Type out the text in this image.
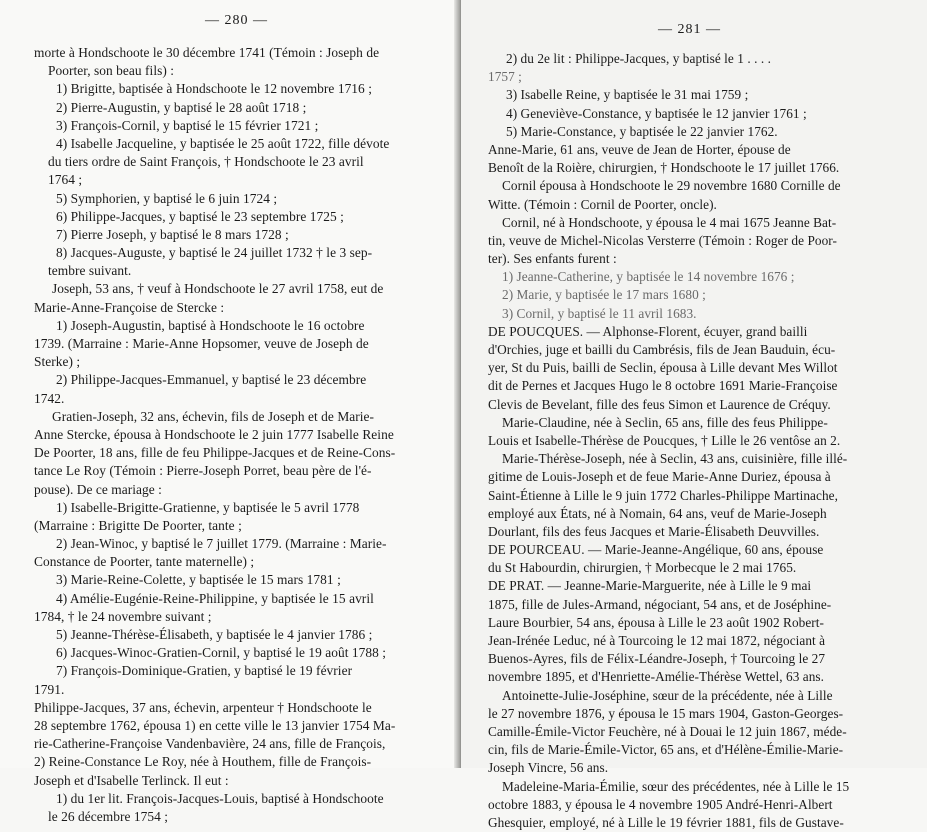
— 280 —
morte à Hondschoote le 30 décembre 1741 (Témoin : Joseph de
Poorter, son beau fils) :
1) Brigitte, baptisée à Hondschoote le 12 novembre 1716 ;
2) Pierre-Augustin, y baptisé le 28 août 1718 ;
3) François-Cornil, y baptisé le 15 février 1721 ;
4) Isabelle Jacqueline, y baptisée le 25 août 1722, fille dévote
du tiers ordre de Saint François, † Hondschoote le 23 avril
1764 ;
5) Symphorien, y baptisé le 6 juin 1724 ;
6) Philippe-Jacques, y baptisé le 23 septembre 1725 ;
7) Pierre Joseph, y baptisé le 8 mars 1728 ;
8) Jacques-Auguste, y baptisé le 24 juillet 1732 † le 3 sep-
tembre suivant.
Joseph, 53 ans, † veuf à Hondschoote le 27 avril 1758, eut de
Marie-Anne-Françoise de Stercke :
1) Joseph-Augustin, baptisé à Hondschoote le 16 octobre
1739. (Marraine : Marie-Anne Hopsomer, veuve de Joseph de
Sterke) ;
2) Philippe-Jacques-Emmanuel, y baptisé le 23 décembre
1742.
Gratien-Joseph, 32 ans, échevin, fils de Joseph et de Marie-
Anne Stercke, épousa à Hondschoote le 2 juin 1777 Isabelle Reine
De Poorter, 18 ans, fille de feu Philippe-Jacques et de Reine-Cons-
tance Le Roy (Témoin : Pierre-Joseph Porret, beau père de l'é-
pouse). De ce mariage :
1) Isabelle-Brigitte-Gratienne, y baptisée le 5 avril 1778
(Marraine : Brigitte De Poorter, tante ;
2) Jean-Winoc, y baptisé le 7 juillet 1779. (Marraine : Marie-
Constance de Poorter, tante maternelle) ;
3) Marie-Reine-Colette, y baptisée le 15 mars 1781 ;
4) Amélie-Eugénie-Reine-Philippine, y baptisée le 15 avril
1784, † le 24 novembre suivant ;
5) Jeanne-Thérèse-Élisabeth, y baptisée le 4 janvier 1786 ;
6) Jacques-Winoc-Gratien-Cornil, y baptisé le 19 août 1788 ;
7) François-Dominique-Gratien, y baptisé le 19 février
1791.
Philippe-Jacques, 37 ans, échevin, arpenteur † Hondschoote le
28 septembre 1762, épousa 1) en cette ville le 13 janvier 1754 Ma-
rie-Catherine-Françoise Vandenbavière, 24 ans, fille de François,
2) Reine-Constance Le Roy, née à Houthem, fille de François-
Joseph et d'Isabelle Terlinck. Il eut :
1) du 1er lit. François-Jacques-Louis, baptisé à Hondschoote
le 26 décembre 1754 ;
— 281 —
2) du 2e lit : Philippe-Jacques, y baptisé le 1 . . . .
1757 ;
3) Isabelle Reine, y baptisée le 31 mai 1759 ;
4) Geneviève-Constance, y baptisée le 12 janvier 1761 ;
5) Marie-Constance, y baptisée le 22 janvier 1762.
Anne-Marie, 61 ans, veuve de Jean de Horter, épouse de
Benoît de la Roière, chirurgien, † Hondschoote le 17 juillet 1766.
Cornil épousa à Hondschoote le 29 novembre 1680 Cornille de
Witte. (Témoin : Cornil de Poorter, oncle).
Cornil, né à Hondschoote, y épousa le 4 mai 1675 Jeanne Bat-
tin, veuve de Michel-Nicolas Versterre (Témoin : Roger de Poor-
ter). Ses enfants furent :
1) Jeanne-Catherine, y baptisée le 14 novembre 1676 ;
2) Marie, y baptisée le 17 mars 1680 ;
3) Cornil, y baptisé le 11 avril 1683.
DE POUCQUES. — Alphonse-Florent, écuyer, grand bailli
d'Orchies, juge et bailli du Cambrésis, fils de Jean Bauduin, écu-
yer, St du Puis, bailli de Seclin, épousa à Lille devant Mes Willot
dit de Pernes et Jacques Hugo le 8 octobre 1691 Marie-Françoise
Clevis de Bevelant, fille des feus Simon et Laurence de Créquy.
Marie-Claudine, née à Seclin, 65 ans, fille des feus Philippe-
Louis et Isabelle-Thérèse de Poucques, † Lille le 26 ventôse an 2.
Marie-Thérèse-Joseph, née à Seclin, 43 ans, cuisinière, fille illé-
gitime de Louis-Joseph et de feue Marie-Anne Duriez, épousa à
Saint-Étienne à Lille le 9 juin 1772 Charles-Philippe Martinache,
employé aux États, né à Nomain, 64 ans, veuf de Marie-Joseph
Dourlant, fils des feus Jacques et Marie-Élisabeth Deuvvilles.
DE POURCEAU. — Marie-Jeanne-Angélique, 60 ans, épouse
du St Habourdin, chirurgien, † Morbecque le 2 mai 1765.
DE PRAT. — Jeanne-Marie-Marguerite, née à Lille le 9 mai
1875, fille de Jules-Armand, négociant, 54 ans, et de Joséphine-
Laure Bourbier, 54 ans, épousa à Lille le 23 août 1902 Robert-
Jean-Irénée Leduc, né à Tourcoing le 12 mai 1872, négociant à
Buenos-Ayres, fils de Félix-Léandre-Joseph, † Tourcoing le 27
novembre 1895, et d'Henriette-Amélie-Thérèse Wettel, 63 ans.
Antoinette-Julie-Joséphine, sœur de la précédente, née à Lille
le 27 novembre 1876, y épousa le 15 mars 1904, Gaston-Georges-
Camille-Émile-Victor Feuchère, né à Douai le 12 juin 1867, méde-
cin, fils de Marie-Émile-Victor, 65 ans, et d'Hélène-Émilie-Marie-
Joseph Vincre, 56 ans.
Madeleine-Maria-Émilie, sœur des précédentes, née à Lille le 15
octobre 1883, y épousa le 4 novembre 1905 André-Henri-Albert
Ghesquier, employé, né à Lille le 19 février 1881, fils de Gustave-
